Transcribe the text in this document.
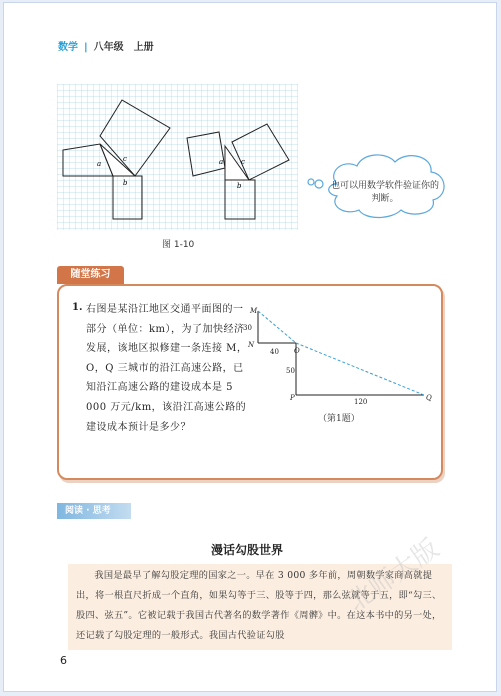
数学 | 八年级　上册
a
c
b
a	c
b
图 1-10
也可以用数学软件验证你的判断。
随堂练习
1. 右图是某沿江地区交通平面图的一部分（单位：km），为了加快经济发展，该地区拟修建一条连接 M，O，Q 三城市的沿江高速公路，已知沿江高速公路的建设成本是 5 000 万元/km，该沿江高速公路的建设成本预计是多少？
M
N
O
P	Q
30
40
50
120
（第1题）
阅读 · 思考
漫话勾股世界
我国是最早了解勾股定理的国家之一。早在 3 000 多年前，周朝数学家商高就提出，将一根直尺折成一个直角，如果勾等于三、股等于四，那么弦就等于五，即“勾三、股四、弦五”。它被记载于我国古代著名的数学著作《周髀》中。在这本书中的另一处，还记载了勾股定理的一般形式。我国古代验证勾股
北师大版
6
